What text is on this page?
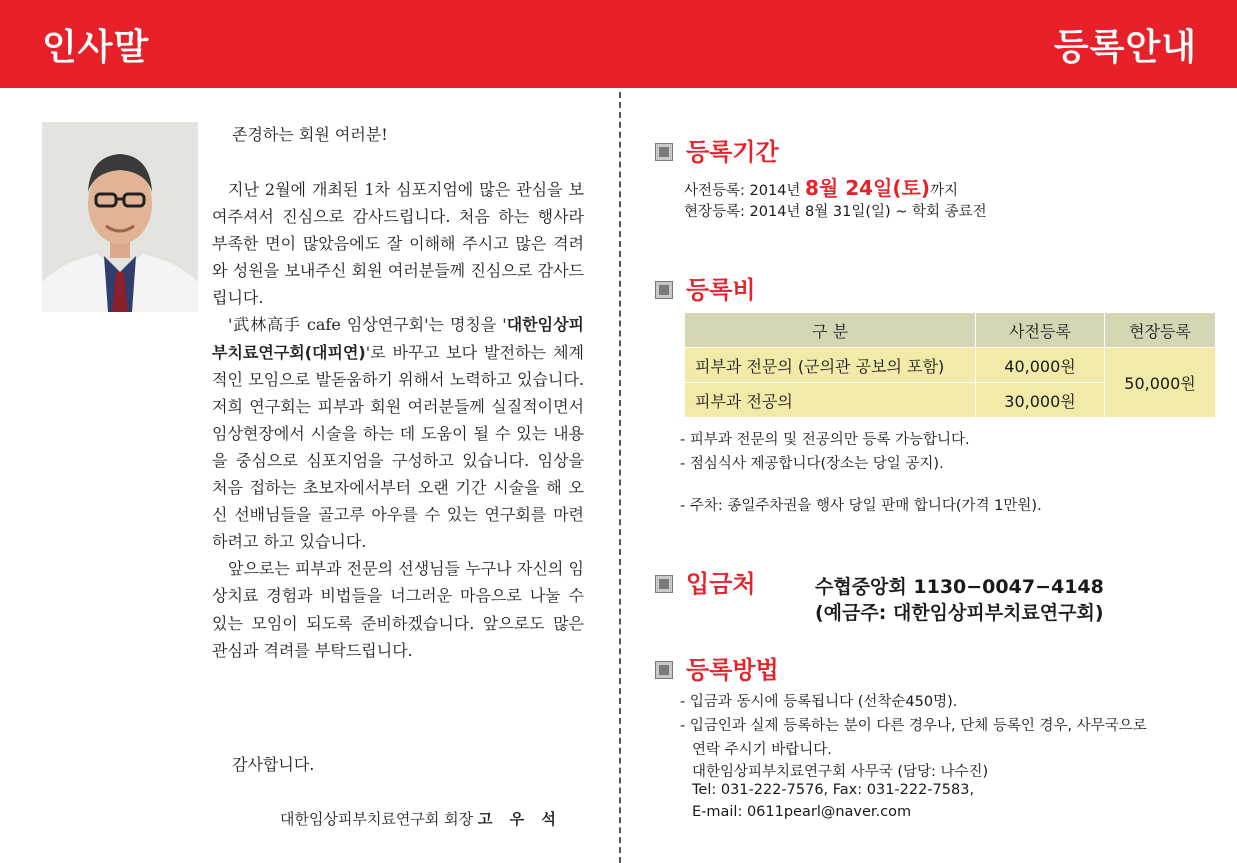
인사말	등록안내
존경하는 회원 여러분!

지난 2월에 개최된 1차 심포지엄에 많은 관심을 보여주셔서 진심으로 감사드립니다. 처음 하는 행사라 부족한 면이 많았음에도 잘 이해해 주시고 많은 격려와 성원을 보내주신 회원 여러분들께 진심으로 감사드립니다.

'武林高手 cafe 임상연구회'는 명칭을 '대한임상피부치료연구회(대피연)'로 바꾸고 보다 발전하는 체계적인 모임으로 발돋움하기 위해서 노력하고 있습니다. 저희 연구회는 피부과 회원 여러분들께 실질적이면서 임상현장에서 시술을 하는 데 도움이 될 수 있는 내용을 중심으로 심포지엄을 구성하고 있습니다. 임상을 처음 접하는 초보자에서부터 오랜 기간 시술을 해 오신 선배님들을 골고루 아우를 수 있는 연구회를 마련하려고 하고 있습니다.

앞으로는 피부과 전문의 선생님들 누구나 자신의 임상치료 경험과 비법들을 너그러운 마음으로 나눌 수 있는 모임이 되도록 준비하겠습니다. 앞으로도 많은 관심과 격려를 부탁드립니다.

감사합니다.
대한임상피부치료연구회 회장 고 우 석
등록기간
사전등록: 2014년 8월 24일(토)까지
현장등록: 2014년 8월 31일(일) ~ 학회 종료전
등록비
구 분	사전등록	현장등록
피부과 전문의 (군의관 공보의 포함)	40,000원	50,000원
피부과 전공의	30,000원	
- 피부과 전문의 및 전공의만 등록 가능합니다.
- 점심식사 제공합니다(장소는 당일 공지).
- 주차: 종일주차권을 행사 당일 판매 합니다(가격 1만원).
입금처	수협중앙회 1130−0047−4148
(예금주: 대한임상피부치료연구회)
등록방법
- 입금과 동시에 등록됩니다 (선착순450명).
- 입금인과 실제 등록하는 분이 다른 경우나, 단체 등록인 경우, 사무국으로
연락 주시기 바랍니다.
대한임상피부치료연구회 사무국 (담당: 나수진)
Tel: 031-222-7576, Fax: 031-222-7583,
E-mail: 0611pearl@naver.com
